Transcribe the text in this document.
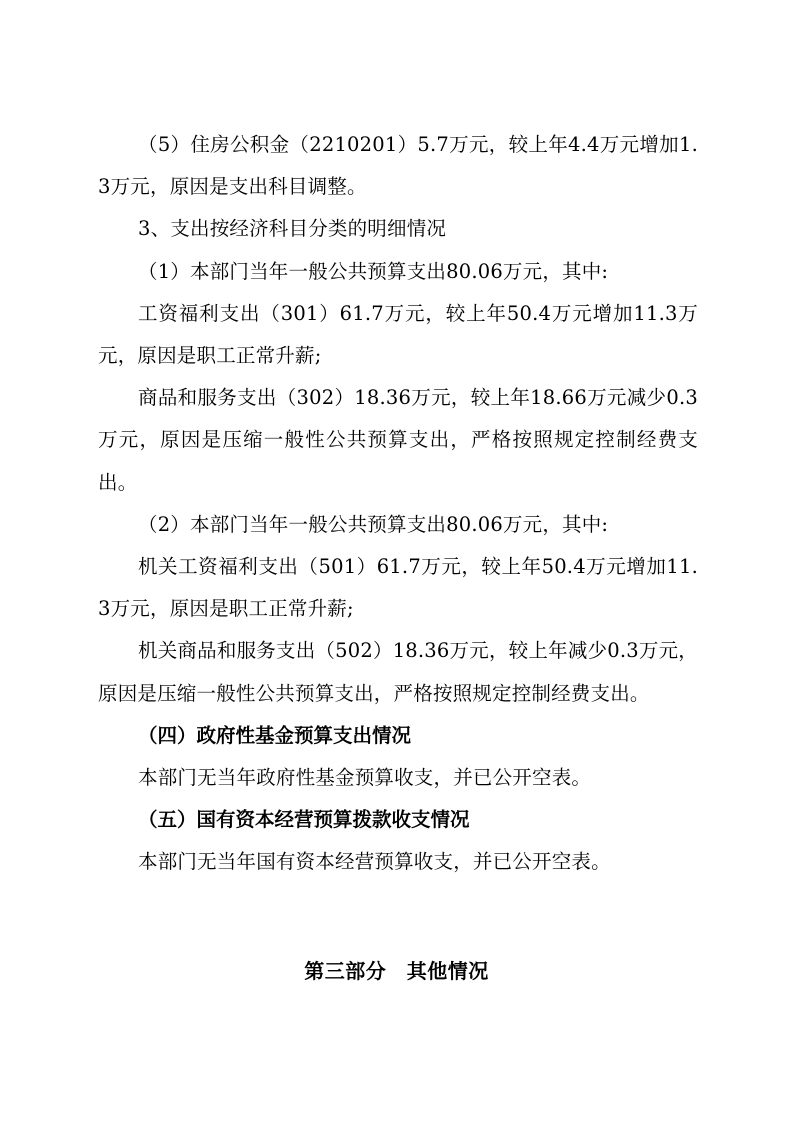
（5）住房公积金（2210201）5.7万元，较上年4.4万元增加1.3万元，原因是支出科目调整。

3、支出按经济科目分类的明细情况

（1）本部门当年一般公共预算支出80.06万元，其中:

工资福利支出（301）61.7万元，较上年50.4万元增加11.3万元，原因是职工正常升薪;

商品和服务支出（302）18.36万元，较上年18.66万元减少0.3万元，原因是压缩一般性公共预算支出，严格按照规定控制经费支出。

（2）本部门当年一般公共预算支出80.06万元，其中:

机关工资福利支出（501）61.7万元，较上年50.4万元增加11.3万元，原因是职工正常升薪;

机关商品和服务支出（502）18.36万元，较上年减少0.3万元，原因是压缩一般性公共预算支出，严格按照规定控制经费支出。

（四）政府性基金预算支出情况

本部门无当年政府性基金预算收支，并已公开空表。

（五）国有资本经营预算拨款收支情况

本部门无当年国有资本经营预算收支，并已公开空表。

第三部分　其他情况
